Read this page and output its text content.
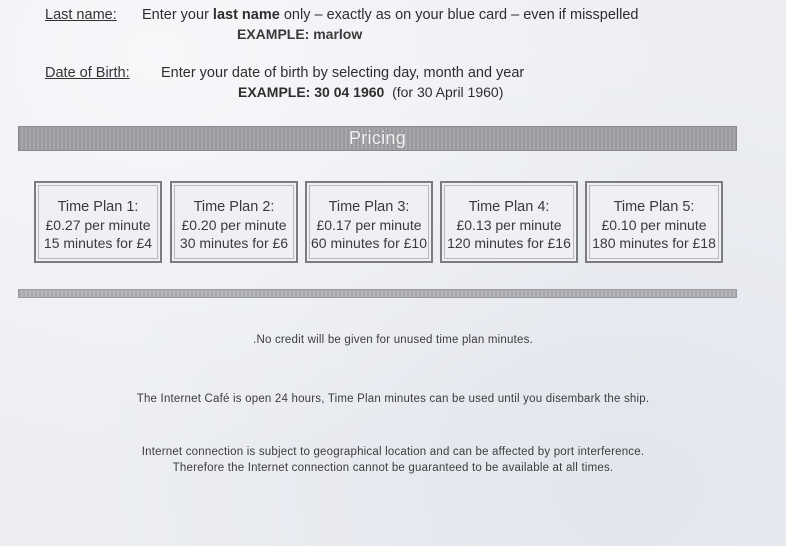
Last name: Enter your last name only – exactly as on your blue card – even if misspelled
EXAMPLE: marlow
Date of Birth: Enter your date of birth by selecting day, month and year
EXAMPLE: 30 04 1960  (for 30 April 1960)
Pricing
Time Plan 1:
£0.27 per minute
15 minutes for £4
Time Plan 2:
£0.20 per minute
30 minutes for £6
Time Plan 3:
£0.17 per minute
60 minutes for £10
Time Plan 4:
£0.13 per minute
120 minutes for £16
Time Plan 5:
£0.10 per minute
180 minutes for £18
.No credit will be given for unused time plan minutes.
The Internet Café is open 24 hours, Time Plan minutes can be used until you disembark the ship.
Internet connection is subject to geographical location and can be affected by port interference.
Therefore the Internet connection cannot be guaranteed to be available at all times.
